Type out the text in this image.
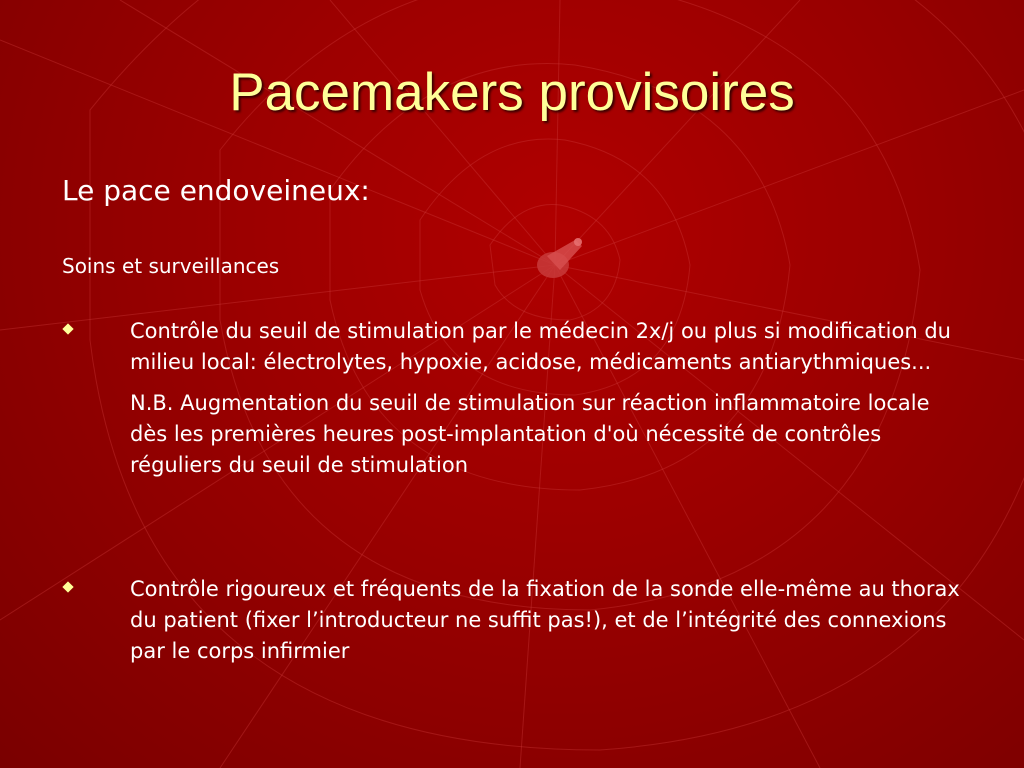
Pacemakers provisoires
Le pace endoveineux:
Soins et surveillances
Contrôle du seuil de stimulation par le médecin 2x/j ou plus si modification du milieu local: électrolytes, hypoxie, acidose, médicaments antiarythmiques...
N.B. Augmentation du seuil de stimulation sur réaction inflammatoire locale dès les premières heures post-implantation d'où nécessité de contrôles réguliers du seuil de stimulation
Contrôle rigoureux et fréquents de la fixation de la sonde elle-même au thorax du patient (fixer l’introducteur ne suffit pas!), et de l’intégrité des connexions par le corps infirmier
